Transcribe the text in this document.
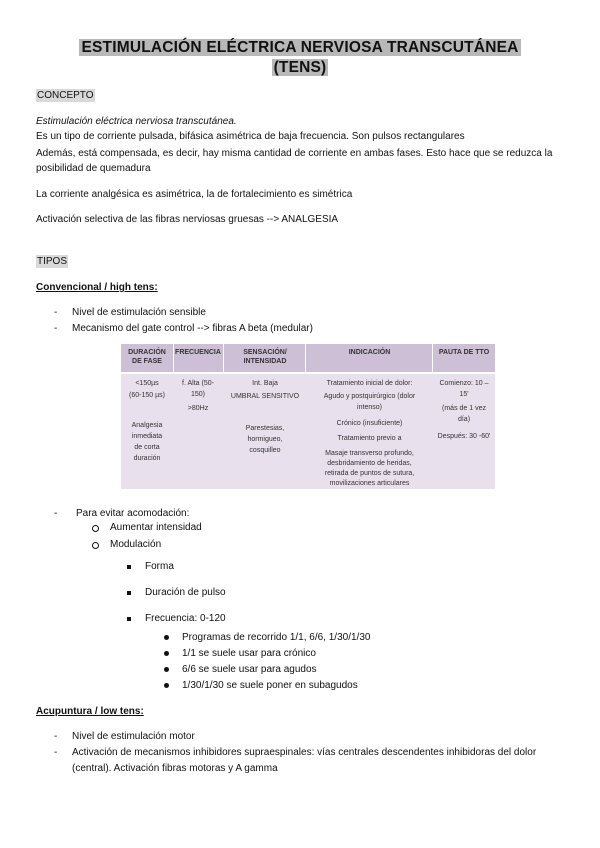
ESTIMULACIÓN ELÉCTRICA NERVIOSA TRANSCUTÁNEA
(TENS)
CONCEPTO
Estimulación eléctrica nerviosa transcutánea.
Es un tipo de corriente pulsada, bifásica asimétrica de baja frecuencia. Son pulsos rectangulares
Además, está compensada, es decir, hay misma cantidad de corriente en ambas fases. Esto hace que se reduzca la
posibilidad de quemadura
La corriente analgésica es asimétrica, la de fortalecimiento es simétrica
Activación selectiva de las fibras nerviosas gruesas --> ANALGESIA
TIPOS
Convencional / high tens:
- Nivel de estimulación sensible
- Mecanismo del gate control --> fibras A beta (medular)
DURACIÓN DE FASE
FRECUENCIA	SENSACIÓN/ INTENSIDAD
INDICACIÓN	PAUTA DE TTO
<150µs
(60-150 µs)
Analgesia
inmediata
de corta
duración
f. Alta (50-
150)
>80Hz
Int. Baja
UMBRAL SENSITIVO
Parestesias,
hormigueo,
cosquilleo
Tratamiento inicial de dolor:
Agudo y postquirúrgico (dolor
intenso)
Crónico (insuficiente)
Tratamiento previo a
Masaje transverso profundo,
desbridamiento de heridas,
retirada de puntos de sutura,
movilizaciones articulares
Comienzo: 10 –
15'
(más de 1 vez
día)
Después: 30 -60'
- Para evitar acomodación:
Aumentar intensidad
Modulación
Forma
Duración de pulso
Frecuencia: 0-120
Programas de recorrido 1/1, 6/6, 1/30/1/30
1/1 se suele usar para crónico
6/6 se suele usar para agudos
1/30/1/30 se suele poner en subagudos
Acupuntura / low tens:
- Nivel de estimulación motor
- Activación de mecanismos inhibidores supraespinales: vías centrales descendentes inhibidoras del dolor
(central). Activación fibras motoras y A gamma
